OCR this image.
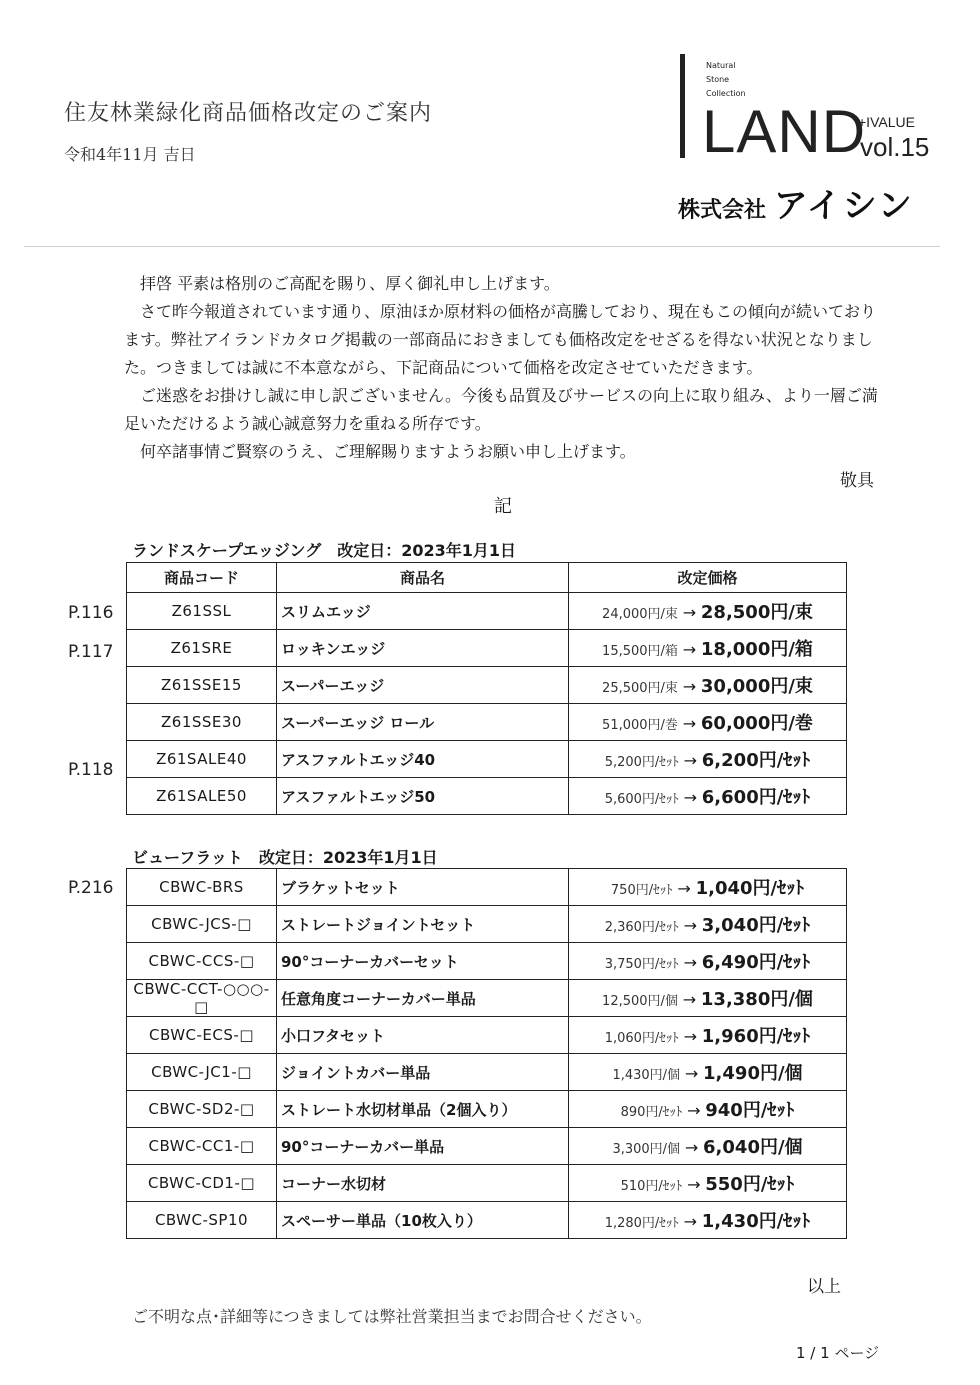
住友林業緑化商品価格改定のご案内
令和4年11月 吉日
Natural
Stone
Collection
LAND
+IVALUE
vol.15
株式会社 アイシン

拝啓 平素は格別のご高配を賜り、厚く御礼申し上げます。

さて昨今報道されています通り、原油ほか原材料の価格が高騰しており、現在もこの傾向が続いております。弊社アイランドカタログ掲載の一部商品におきましても価格改定をせざるを得ない状況となりました。つきましては誠に不本意ながら、下記商品について価格を改定させていただきます。

ご迷惑をお掛けし誠に申し訳ございません。今後も品質及びサービスの向上に取り組み、より一層ご満足いただけるよう誠心誠意努力を重ねる所存です。

何卒諸事情ご賢察のうえ、ご理解賜りますようお願い申し上げます。

敬具
記
ランドスケープエッジング　改定日：2023年1月1日
商品コード	商品名	改定価格
Z61SSL	スリムエッジ	24,000円/束 → 28,500円/束
Z61SRE	ロッキンエッジ	15,500円/箱 → 18,000円/箱
Z61SSE15	スーパーエッジ	25,500円/束 → 30,000円/束
Z61SSE30	スーパーエッジ ロール	51,000円/巻 → 60,000円/巻
Z61SALE40	アスファルトエッジ40	5,200円/ｾｯﾄ → 6,200円/ｾｯﾄ
Z61SALE50	アスファルトエッジ50	5,600円/ｾｯﾄ → 6,600円/ｾｯﾄ
P.116
P.117
P.118
ビューフラット　改定日：2023年1月1日
CBWC-BRS	ブラケットセット	750円/ｾｯﾄ → 1,040円/ｾｯﾄ
CBWC-JCS-□	ストレートジョイントセット	2,360円/ｾｯﾄ → 3,040円/ｾｯﾄ
CBWC-CCS-□	90°コーナーカバーセット	3,750円/ｾｯﾄ → 6,490円/ｾｯﾄ
CBWC-CCT-○○○-□	任意角度コーナーカバー単品	12,500円/個 → 13,380円/個
CBWC-ECS-□	小口フタセット	1,060円/ｾｯﾄ → 1,960円/ｾｯﾄ
CBWC-JC1-□	ジョイントカバー単品	1,430円/個 → 1,490円/個
CBWC-SD2-□	ストレート水切材単品（2個入り）	890円/ｾｯﾄ → 940円/ｾｯﾄ
CBWC-CC1-□	90°コーナーカバー単品	3,300円/個 → 6,040円/個
CBWC-CD1-□	コーナー水切材	510円/ｾｯﾄ → 550円/ｾｯﾄ
CBWC-SP10	スペーサー単品（10枚入り）	1,280円/ｾｯﾄ → 1,430円/ｾｯﾄ
P.216
以上
ご不明な点･詳細等につきましては弊社営業担当までお問合せください。
1 / 1 ページ
